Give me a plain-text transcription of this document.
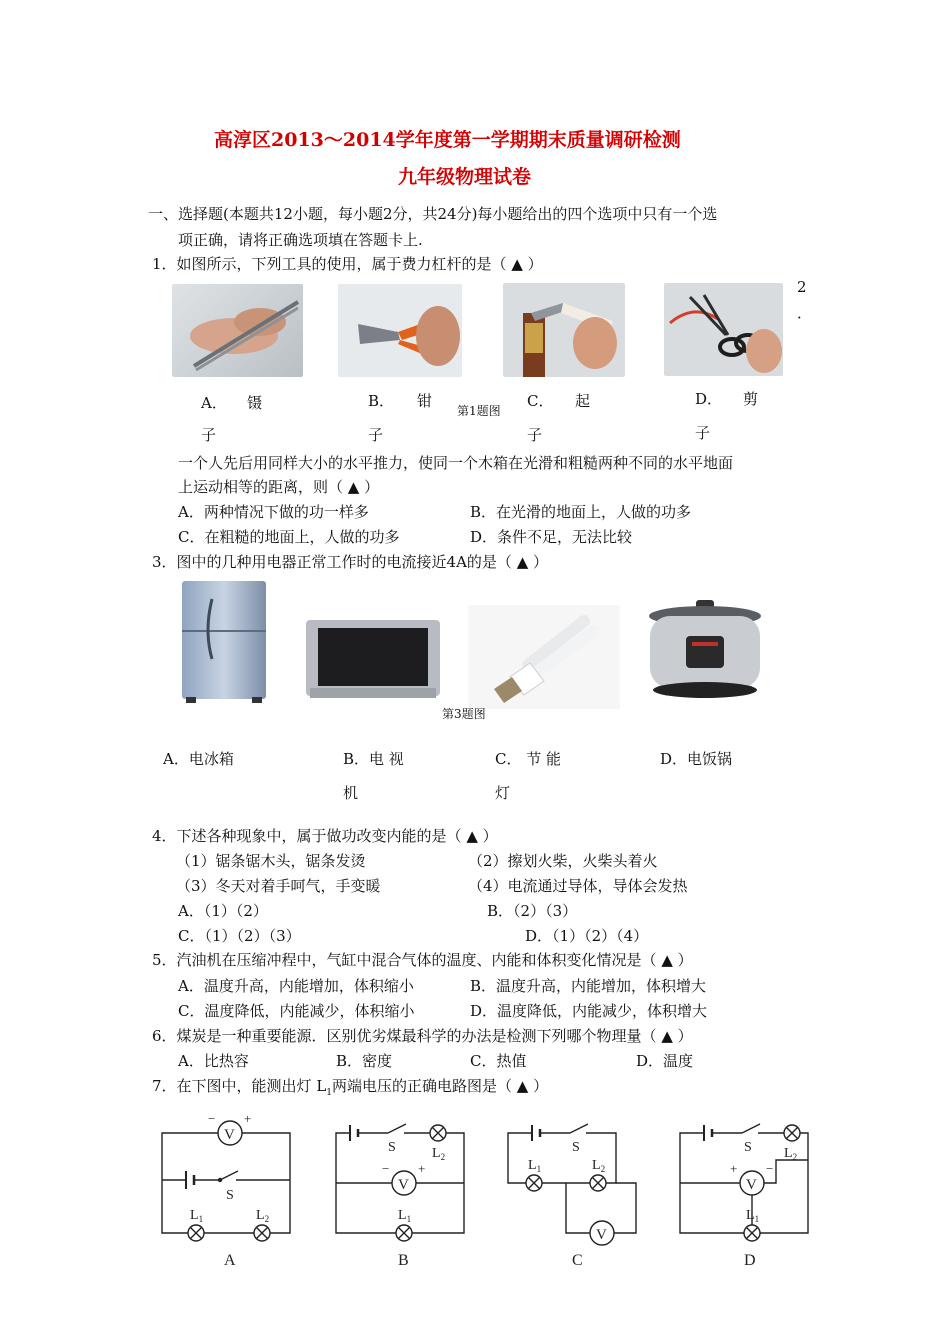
高淳区2013～2014学年度第一学期期末质量调研检测
九年级物理试卷
一、选择题(本题共12小题，每小题2分，共24分)每小题给出的四个选项中只有一个选
项正确，请将正确选项填在答题卡上.
1．如图所示，下列工具的使用，属于费力杠杆的是（ ▲ ）
A． 镊
子
B． 钳
子
第1题图
C． 起
子
D． 剪
子
2
．
一个人先后用同样大小的水平推力，使同一个木箱在光滑和粗糙两种不同的水平地面
上运动相等的距离，则（ ▲ ）
A．两种情况下做的功一样多	B．在光滑的地面上，人做的功多
C．在粗糙的地面上，人做的功多	D．条件不足，无法比较
3．图中的几种用电器正常工作时的电流接近4A的是（ ▲ ）
第3题图
A．电冰箱	B．电 视
机
C． 节 能
灯
D．电饭锅
4．下述各种现象中，属于做功改变内能的是（ ▲ ）
（1）锯条锯木头，锯条发烫	（2）擦划火柴，火柴头着火
（3）冬天对着手呵气，手变暖	（4）电流通过导体，导体会发热
A．（1）（2）	B．（2）（3）
C．（1）（2）（3）	D．（1）（2）（4）
5．汽油机在压缩冲程中，气缸中混合气体的温度、内能和体积变化情况是（ ▲ ）
A．温度升高，内能增加，体积缩小	B．温度升高，内能增加，体积增大
C．温度降低，内能减少，体积缩小	D．温度降低，内能减少，体积增大
6．煤炭是一种重要能源．区别优劣煤最科学的办法是检测下列哪个物理量（ ▲ ）
A．比热容	B．密度	C．热值	D．温度
7．在下图中，能测出灯 $L_1$两端电压的正确电路图是（ ▲ ）
V
− +
S
$L_1$	$L_2$
A
S	$L_2$
V
− +
$L_1$
B
S
$L_1$	$L_2$
V
C
S $L_2$
V
+ −
$L_1$
D
